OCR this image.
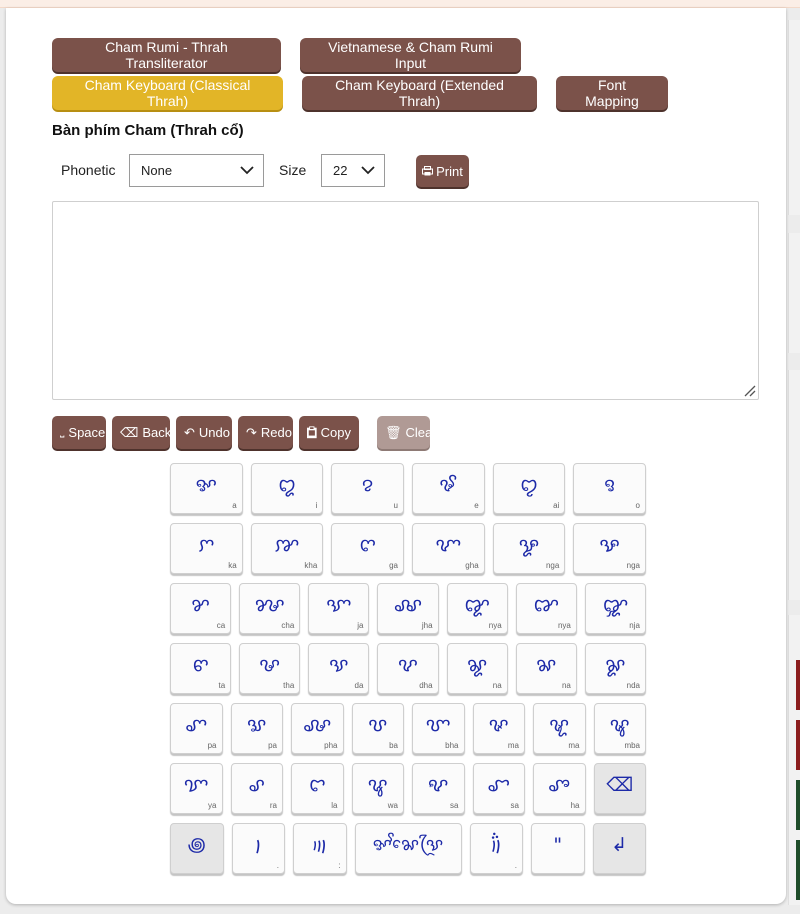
Cham Rumi - Thrah Transliterator
Vietnamese & Cham Rumi Input
Cham Keyboard (Classical Thrah)
Cham Keyboard (Extended Thrah)
Font Mapping
Bàn phím Cham (Thrah cổ)
Phonetic None	Size 22	Print
⎵ Space ⌫ Back ↶ Undo ↷ Redo Copy	🗑 Clear
ꨀ
a
ꨁ
i
ꨂ
u
ꨃ
e
ꨄ
ai
ꨅ
o
ꨆ
ka
ꨇ
kha
ꨈ
ga
ꨉ
gha
ꨋ
nga
ꨊ
nga
ꨌ
ca
ꨍ
cha
ꨎ
ja
ꨏ
jha
ꨑ
nya
ꨐ
nya
ꨒ
nja
ꨓ
ta
ꨔ
tha
ꨕ
da
ꨖ
dha
ꨘ
na
ꨗ
na
ꨙ
nda
ꨚ
pa
ꨛ
pa
ꨜ
pha
ꨝ
ba
ꨞ
bha
ꨟ
ma
ꨠ
ma
ꨡ
mba
ꨢ
ya
ꨣ
ra
ꨤ
la
ꨥ
wa
ꨦ
sa
ꨧ
sa
ꨨ
ha
⌫
꩜	꩝
.
꩟
:
ꨀꨩꨗꨯꨕꨴ	꩞
.
"	↲
